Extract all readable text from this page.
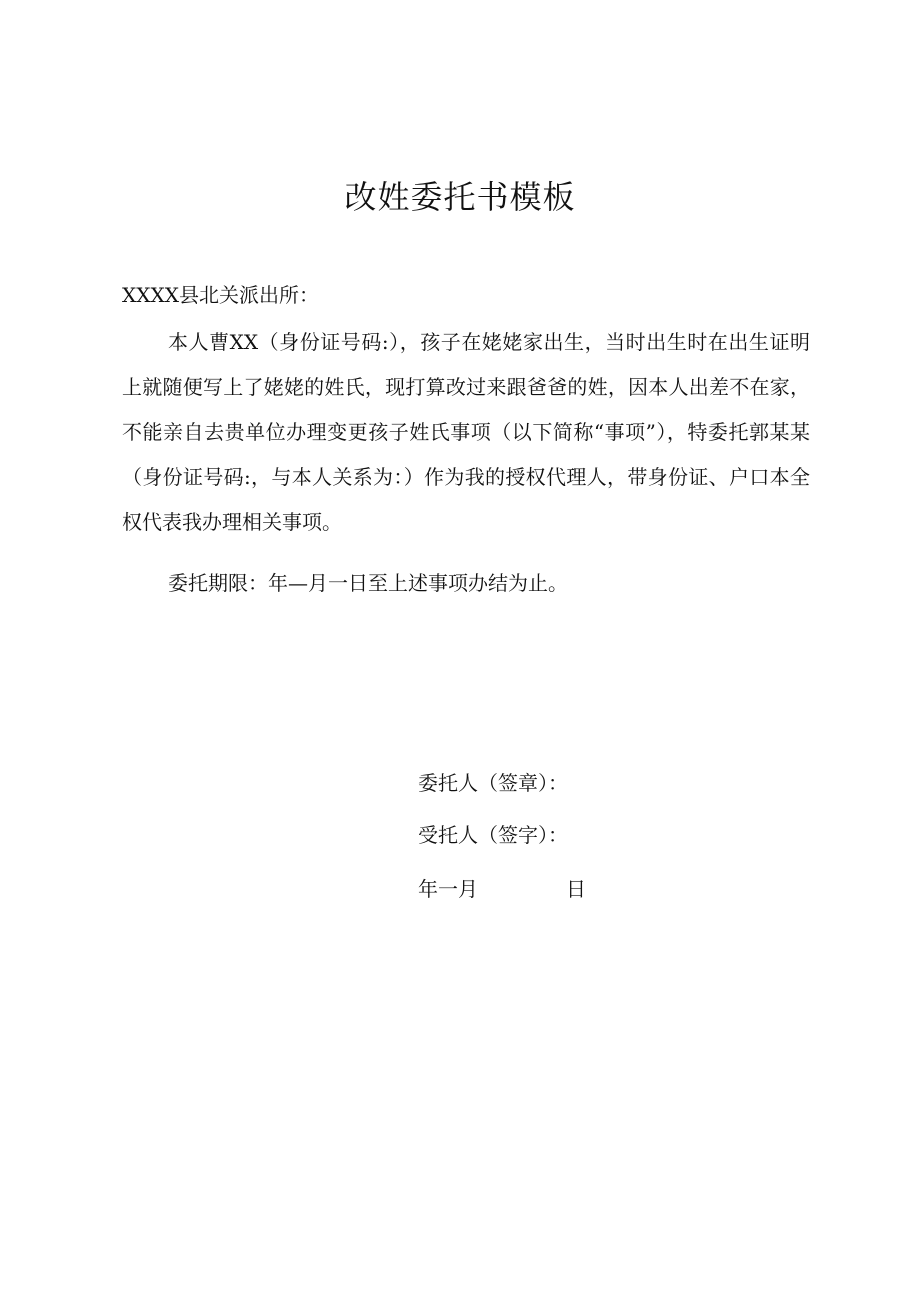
改姓委托书模板

XXXX县北关派出所：

本人曹XX（身份证号码:），孩子在姥姥家出生，当时出生时在出生证明上就随便写上了姥姥的姓氏，现打算改过来跟爸爸的姓，因本人出差不在家，不能亲自去贵单位办理变更孩子姓氏事项（以下简称“事项”），特委托郭某某（身份证号码:，与本人关系为：）作为我的授权代理人，带身份证、户口本全权代表我办理相关事项。

委托期限：年—月一日至上述事项办结为止。

委托人（签章）：

受托人（签字）：

年一月	日
